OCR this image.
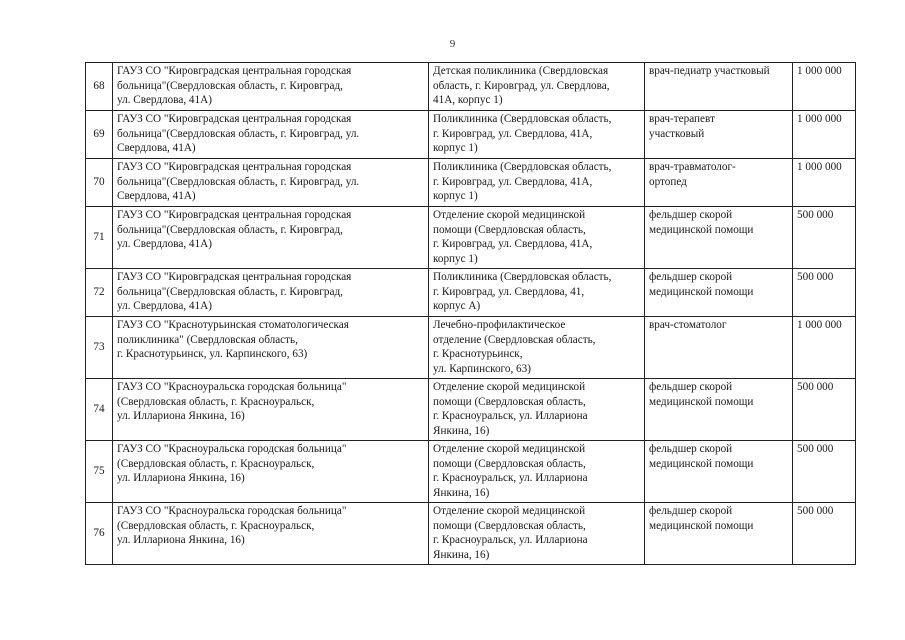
9
68	ГАУЗ СО "Кировградская центральная городская
больница"(Свердловская область, г. Кировград,
ул. Свердлова, 41А)	Детская поликлиника (Свердловская
область, г. Кировград, ул. Свердлова,
41А, корпус 1)	врач-педиатр участковый	1 000 000
69	ГАУЗ СО "Кировградская центральная городская
больница"(Свердловская область, г. Кировград, ул.
Свердлова, 41А)	Поликлиника (Свердловская область,
г. Кировград, ул. Свердлова, 41А,
корпус 1)	врач-терапевт
участковый	1 000 000
70	ГАУЗ СО "Кировградская центральная городская
больница"(Свердловская область, г. Кировград, ул.
Свердлова, 41А)	Поликлиника (Свердловская область,
г. Кировград, ул. Свердлова, 41А,
корпус 1)	врач-травматолог-
ортопед	1 000 000
71	ГАУЗ СО "Кировградская центральная городская
больница"(Свердловская область, г. Кировград,
ул. Свердлова, 41А)	Отделение скорой медицинской
помощи (Свердловская область,
г. Кировград, ул. Свердлова, 41А,
корпус 1)	фельдшер скорой
медицинской помощи	500 000
72	ГАУЗ СО "Кировградская центральная городская
больница"(Свердловская область, г. Кировград,
ул. Свердлова, 41А)	Поликлиника (Свердловская область,
г. Кировград, ул. Свердлова, 41,
корпус А)	фельдшер скорой
медицинской помощи	500 000
73	ГАУЗ СО "Краснотурьинская стоматологическая
поликлиника" (Свердловская область,
г. Краснотурьинск, ул. Карпинского, 63)	Лечебно-профилактическое
отделение (Свердловская область,
г. Краснотурьинск,
ул. Карпинского, 63)	врач-стоматолог	1 000 000
74	ГАУЗ СО "Красноуральска городская больница"
(Свердловская область, г. Красноуральск,
ул. Иллариона Янкина, 16)	Отделение скорой медицинской
помощи (Свердловская область,
г. Красноуральск, ул. Иллариона
Янкина, 16)	фельдшер скорой
медицинской помощи	500 000
75	ГАУЗ СО "Красноуральска городская больница"
(Свердловская область, г. Красноуральск,
ул. Иллариона Янкина, 16)	Отделение скорой медицинской
помощи (Свердловская область,
г. Красноуральск, ул. Иллариона
Янкина, 16)	фельдшер скорой
медицинской помощи	500 000
76	ГАУЗ СО "Красноуральска городская больница"
(Свердловская область, г. Красноуральск,
ул. Иллариона Янкина, 16)	Отделение скорой медицинской
помощи (Свердловская область,
г. Красноуральск, ул. Иллариона
Янкина, 16)	фельдшер скорой
медицинской помощи	500 000
